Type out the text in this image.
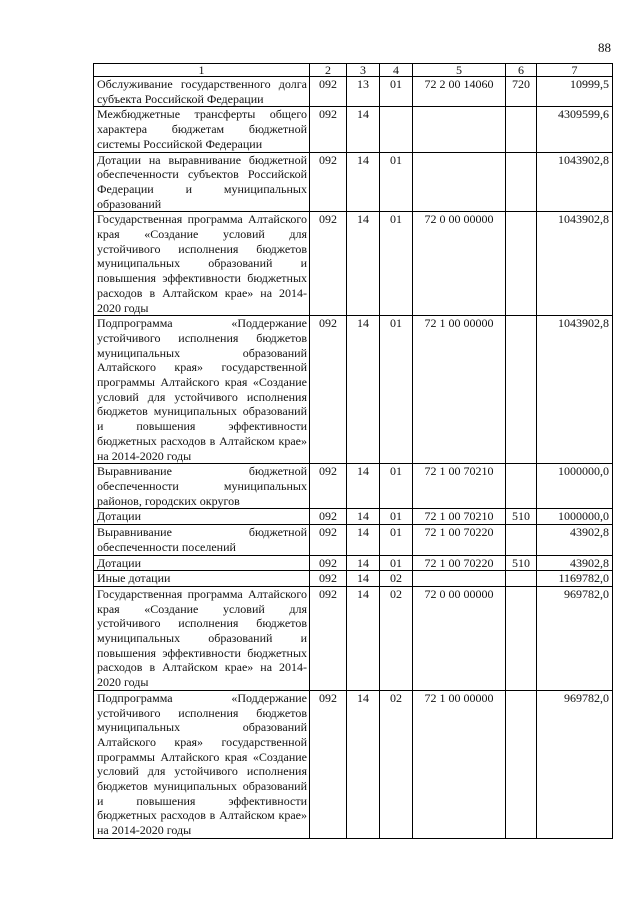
88
1	2	3	4	5	6	7
Обслуживание государственного долга субъекта Российской Федерации	092	13	01	72 2 00 14060	720	10999,5
Межбюджетные трансферты общего характера бюджетам бюджетной системы Российской Федерации	092	14				4309599,6
Дотации на выравнивание бюджетной обеспеченности субъектов Российской Федерации и муниципальных образований	092	14	01			1043902,8
Государственная программа Алтайского края «Создание условий для устойчивого исполнения бюджетов муниципальных образований и повышения эффективности бюджетных расходов в Алтайском крае» на 2014-2020 годы	092	14	01	72 0 00 00000		1043902,8
Подпрограмма «Поддержание устойчивого исполнения бюджетов муниципальных образований Алтайского края» государственной программы Алтайского края «Создание условий для устойчивого исполнения бюджетов муниципальных образований и повышения эффективности бюджетных расходов в Алтайском крае» на 2014-2020 годы	092	14	01	72 1 00 00000		1043902,8
Выравнивание бюджетной обеспеченности муниципальных районов, городских округов	092	14	01	72 1 00 70210		1000000,0
Дотации	092	14	01	72 1 00 70210	510	1000000,0
Выравнивание бюджетной обеспеченности поселений	092	14	01	72 1 00 70220		43902,8
Дотации	092	14	01	72 1 00 70220	510	43902,8
Иные дотации	092	14	02			1169782,0
Государственная программа Алтайского края «Создание условий для устойчивого исполнения бюджетов муниципальных образований и повышения эффективности бюджетных расходов в Алтайском крае» на 2014-2020 годы	092	14	02	72 0 00 00000		969782,0
Подпрограмма «Поддержание устойчивого исполнения бюджетов муниципальных образований Алтайского края» государственной программы Алтайского края «Создание условий для устойчивого исполнения бюджетов муниципальных образований и повышения эффективности бюджетных расходов в Алтайском крае» на 2014-2020 годы	092	14	02	72 1 00 00000		969782,0
